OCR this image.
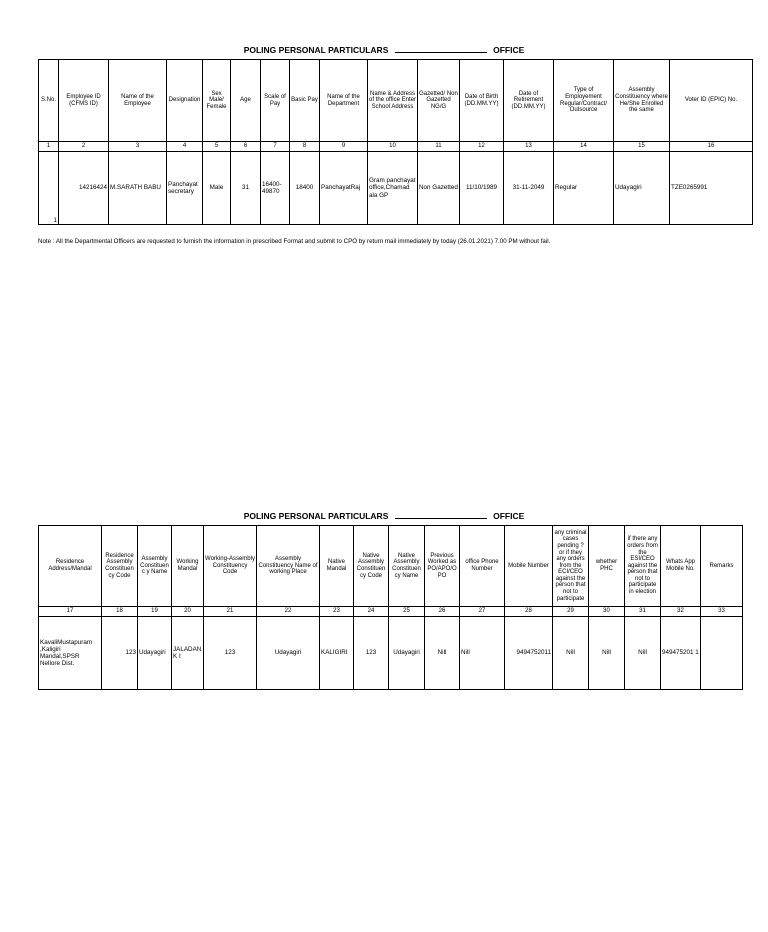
POLING PERSONAL PARTICULARS	OFFICE
S.No.	Employee ID (CFMS ID)	Name of the Employee	Designation	Sex Male/ Female	Age	Scale of Pay	Basic Pay	Name of the Department	Name & Address of the office Enter School Address	Gazetted/ Non Gazetted NG/G	Date of Birth (DD.MM.YY)	Date of Retirement (DD.MM.YY)	Type of Employement Regular/Contract/ Outsource	Assembly Constituency where He/She Enrolled the same	Voter ID (EPIC) No.
1	2	3	4	5	6	7	8	9	10	11	12	13	14	15	16
1	14216424	M.SARATH BABU	Panchayat secretary	Male	31	16400-49870	18400	PanchayatRaj	Gram panchayat office,Chamad ala GP	Non Gazetted	11/10/1989	31-11-2049	Regular	Udayagiri	TZE0265991
Note : All the Departmental Officers are requested to furnish the information in prescribed Format and submit to CPO by return mail immediately by today (26.01.2021) 7.00 PM without fail.
POLING PERSONAL PARTICULARS	OFFICE
Residence Address/Mandal	Residence Assembly Constituen cy Code	Assembly Constituenc y Name	Working Mandal	Working-Assembly Constituency Code	Assembly Constituency Name of working Place	Native Mandal	Native Assembly Constituen cy Code	Native Assembly Constituen cy Name	Previous Worked as PO/APO/O PO	office Phone Number	Mobile Number	any criminal cases pending ? or if they any orders from the ECI/CEO against the person that not to participate	whether PHC	if there any orders from the ESI/CEO against the person that not to participate in election	Whats App Mobile No.	Remarks
17	18	19	20	21	22	23	24	25	26	27	28	29	30	31	32	33
KavaliMustapuram ,Kaligiri Mandal,SPSR Nellore Dist.	123	Udayagiri	JALADANK I	123	Udayagiri	KALIGIRI	123	Udayagiri	Nill	Nill	9494752011	Nill	Nill	Nill	949475201 1	
